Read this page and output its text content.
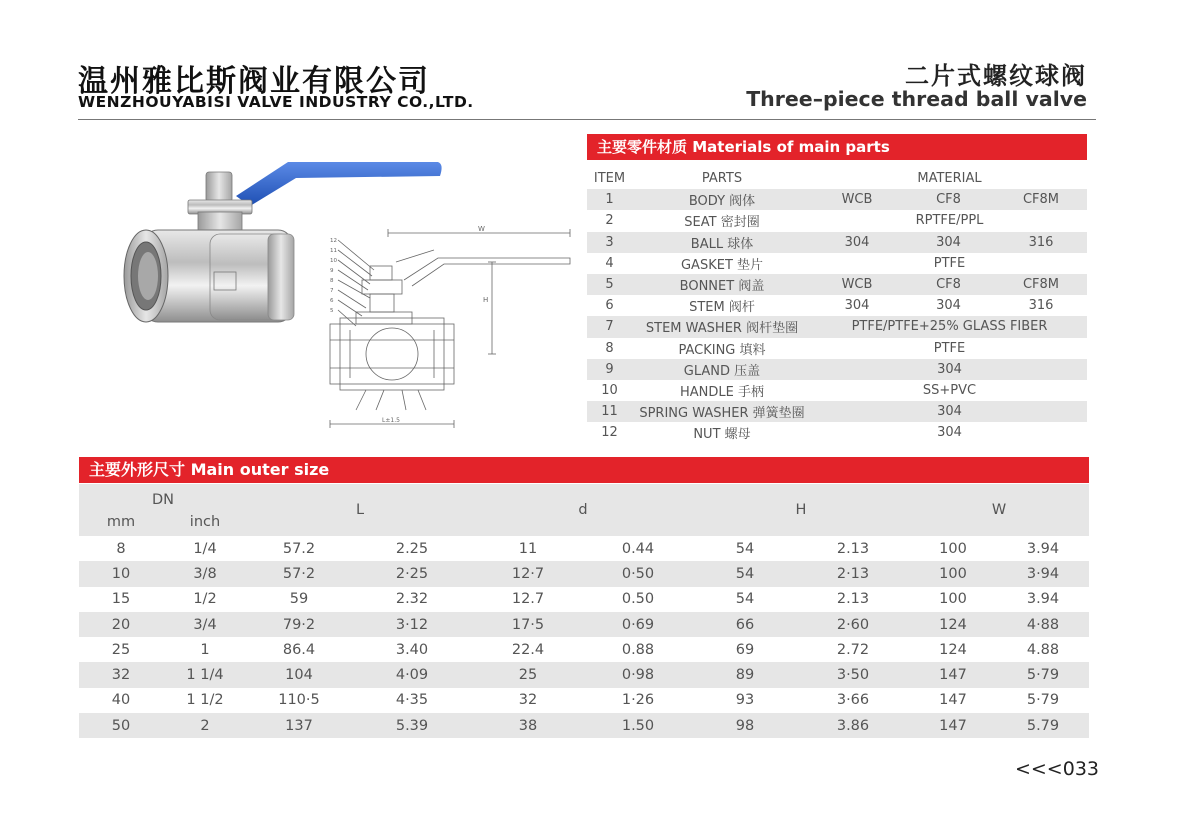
温州雅比斯阀业有限公司
WENZHOUYABISI VALVE INDUSTRY CO.,LTD.
二片式螺纹球阀
Three–piece thread ball valve
W
H
L±1.5
12
11
10
9
8
7
6
5
主要零件材质 Materials of main parts
ITEM	PARTS	MATERIAL		
1	BODY 阀体	WCB	CF8	CF8M
2	SEAT 密封圈	RPTFE/PPL		
3	BALL 球体	304	304	316
4	GASKET 垫片	PTFE		
5	BONNET 阀盖	WCB	CF8	CF8M
6	STEM 阀杆	304	304	316
7	STEM WASHER 阀杆垫圈	PTFE/PTFE+25% GLASS FIBER		
8	PACKING 填料	PTFE		
9	GLAND 压盖	304		
10	HANDLE 手柄	SS+PVC		
11	SPRING WASHER 弹簧垫圈	304		
12	NUT 螺母	304		
主要外形尺寸 Main outer size
DN		L		d		H		W	
mm	inch								
8	1/4	57.2	2.25	11	0.44	54	2.13	100	3.94
10	3/8	57·2	2·25	12·7	0·50	54	2·13	100	3·94
15	1/2	59	2.32	12.7	0.50	54	2.13	100	3.94
20	3/4	79·2	3·12	17·5	0·69	66	2·60	124	4·88
25	1	86.4	3.40	22.4	0.88	69	2.72	124	4.88
32	1 1/4	104	4·09	25	0·98	89	3·50	147	5·79
40	1 1/2	110·5	4·35	32	1·26	93	3·66	147	5·79
50	2	137	5.39	38	1.50	98	3.86	147	5.79
<<<033
